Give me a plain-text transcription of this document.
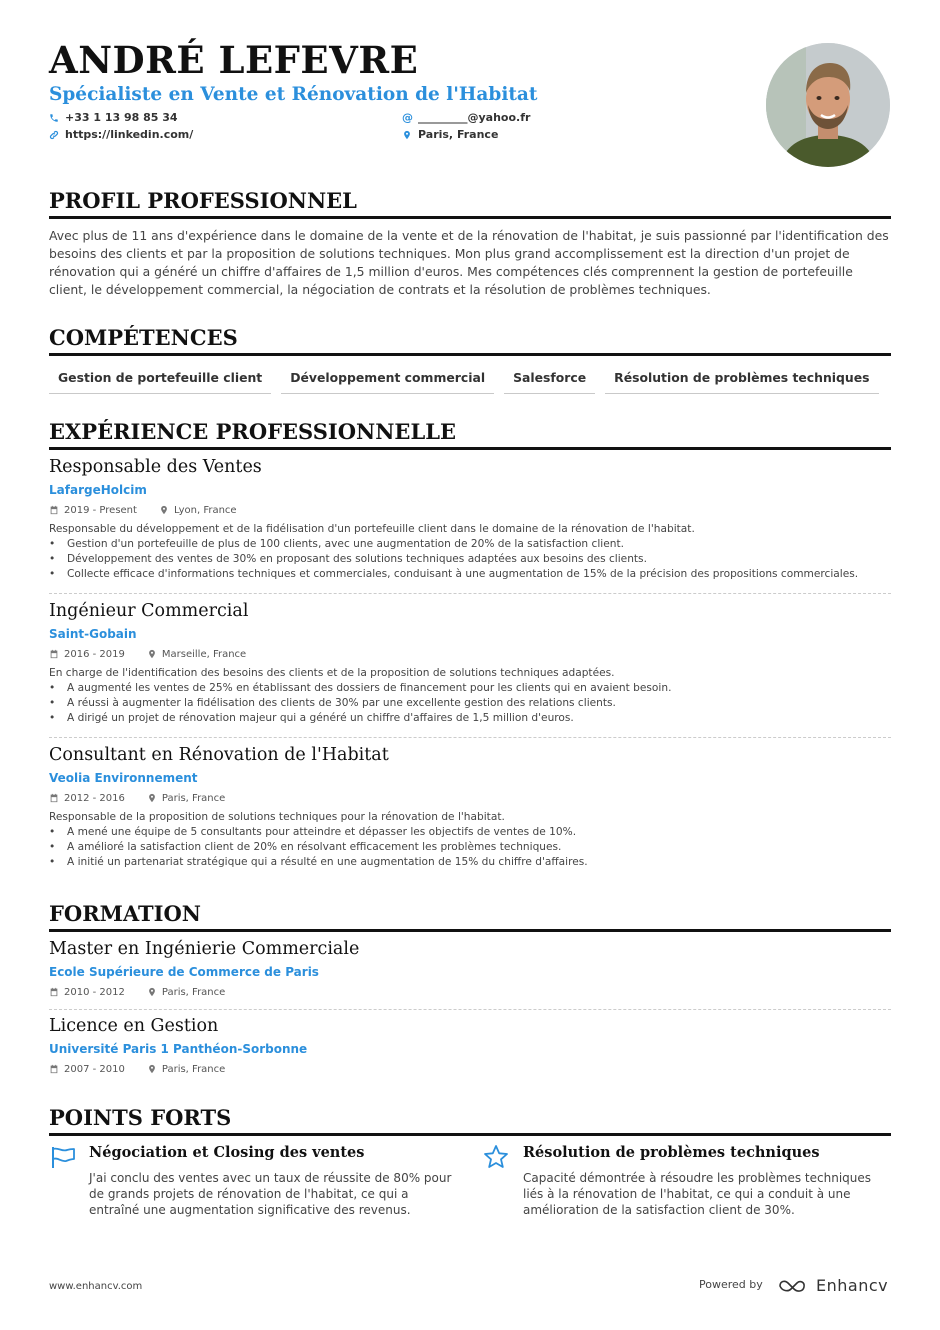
ANDRÉ LEFEVRE
Spécialiste en Vente et Rénovation de l'Habitat
+33 1 13 98 85 34
https://linkedin.com/
@ _________@yahoo.fr
Paris, France
PROFIL PROFESSIONNEL
Avec plus de 11 ans d'expérience dans le domaine de la vente et de la rénovation de l'habitat, je suis passionné par l'identification des besoins des clients et par la proposition de solutions techniques. Mon plus grand accomplissement est la direction d'un projet de rénovation qui a généré un chiffre d'affaires de 1,5 million d'euros. Mes compétences clés comprennent la gestion de portefeuille client, le développement commercial, la négociation de contrats et la résolution de problèmes techniques.
COMPÉTENCES
Gestion de portefeuille client	Développement commercial	Salesforce	Résolution de problèmes techniques
EXPÉRIENCE PROFESSIONNELLE
Responsable des Ventes
LafargeHolcim
2019 - Present	Lyon, France
Responsable du développement et de la fidélisation d'un portefeuille client dans le domaine de la rénovation de l'habitat.
• Gestion d'un portefeuille de plus de 100 clients, avec une augmentation de 20% de la satisfaction client.
• Développement des ventes de 30% en proposant des solutions techniques adaptées aux besoins des clients.
• Collecte efficace d'informations techniques et commerciales, conduisant à une augmentation de 15% de la précision des propositions commerciales.
Ingénieur Commercial
Saint-Gobain
2016 - 2019	Marseille, France
En charge de l'identification des besoins des clients et de la proposition de solutions techniques adaptées.
• A augmenté les ventes de 25% en établissant des dossiers de financement pour les clients qui en avaient besoin.
• A réussi à augmenter la fidélisation des clients de 30% par une excellente gestion des relations clients.
• A dirigé un projet de rénovation majeur qui a généré un chiffre d'affaires de 1,5 million d'euros.
Consultant en Rénovation de l'Habitat
Veolia Environnement
2012 - 2016	Paris, France
Responsable de la proposition de solutions techniques pour la rénovation de l'habitat.
• A mené une équipe de 5 consultants pour atteindre et dépasser les objectifs de ventes de 10%.
• A amélioré la satisfaction client de 20% en résolvant efficacement les problèmes techniques.
• A initié un partenariat stratégique qui a résulté en une augmentation de 15% du chiffre d'affaires.
FORMATION
Master en Ingénierie Commerciale
Ecole Supérieure de Commerce de Paris
2010 - 2012	Paris, France
Licence en Gestion
Université Paris 1 Panthéon-Sorbonne
2007 - 2010	Paris, France
POINTS FORTS
Négociation et Closing des ventes
J'ai conclu des ventes avec un taux de réussite de 80% pour de grands projets de rénovation de l'habitat, ce qui a entraîné une augmentation significative des revenus.
Résolution de problèmes techniques
Capacité démontrée à résoudre les problèmes techniques liés à la rénovation de l'habitat, ce qui a conduit à une amélioration de la satisfaction client de 30%.
www.enhancv.com	Powered by	Enhancv
